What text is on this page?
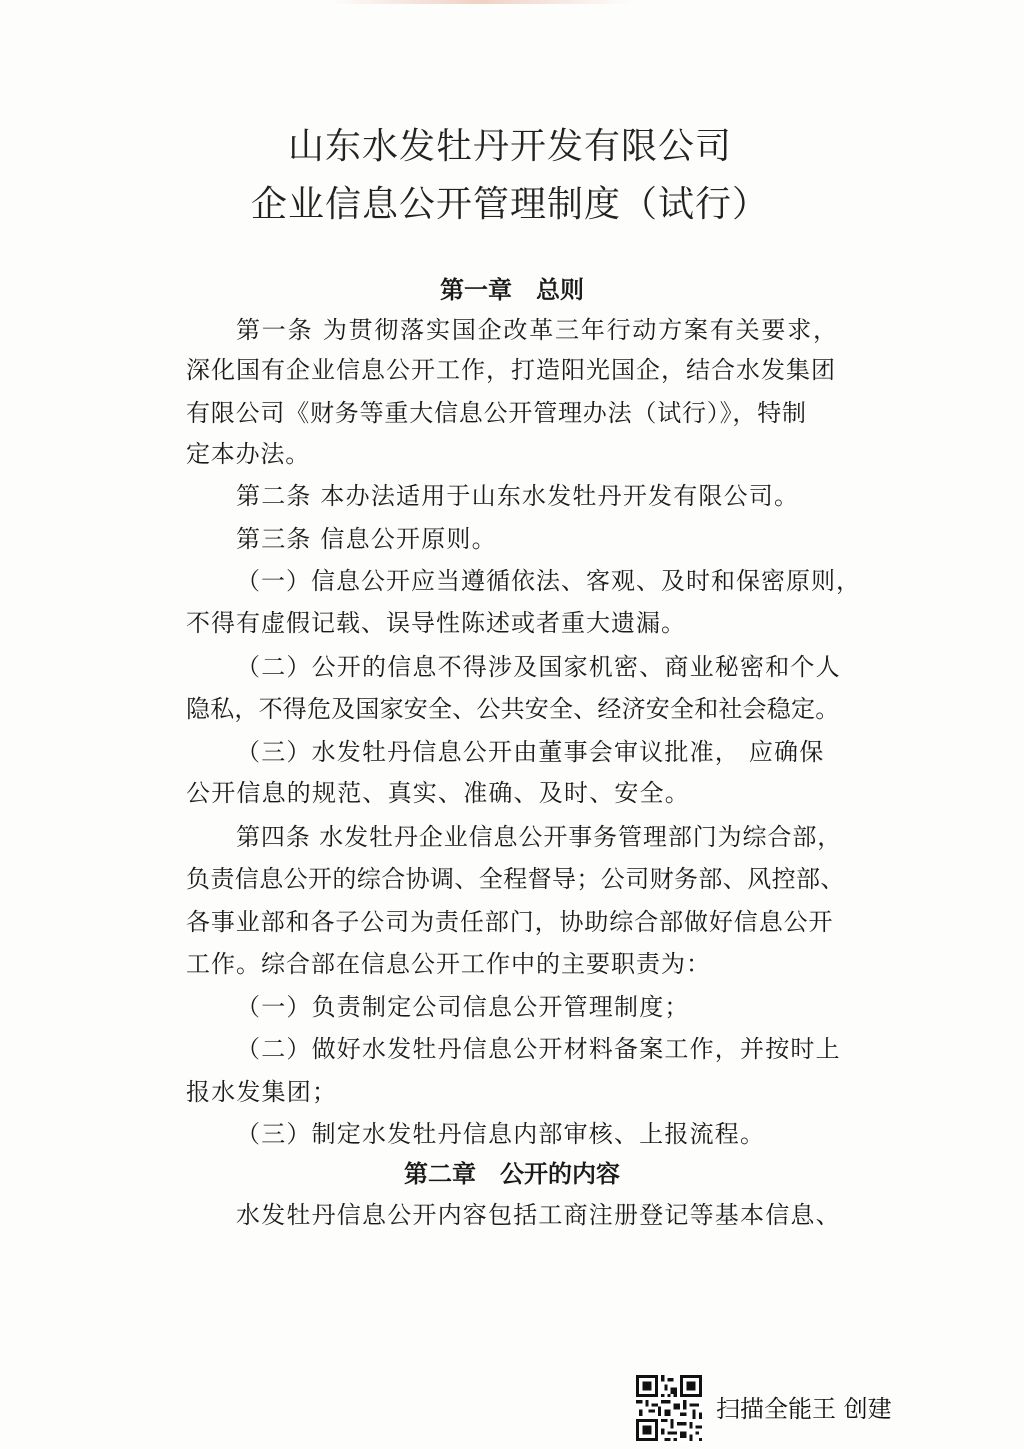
山东水发牡丹开发有限公司
企业信息公开管理制度（试行）
第一章　总则

第一条 为贯彻落实国企改革三年行动方案有关要求，

深化国有企业信息公开工作，打造阳光国企，结合水发集团

有限公司《财务等重大信息公开管理办法（试行）》，特制

定本办法。

第二条 本办法适用于山东水发牡丹开发有限公司。

第三条 信息公开原则。

（一）信息公开应当遵循依法、客观、及时和保密原则，

不得有虚假记载、误导性陈述或者重大遗漏。

（二）公开的信息不得涉及国家机密、商业秘密和个人

隐私，不得危及国家安全、公共安全、经济安全和社会稳定。

（三）水发牡丹信息公开由董事会审议批准， 应确保

公开信息的规范、真实、准确、及时、安全。

第四条 水发牡丹企业信息公开事务管理部门为综合部，

负责信息公开的综合协调、全程督导；公司财务部、风控部、

各事业部和各子公司为责任部门，协助综合部做好信息公开

工作。综合部在信息公开工作中的主要职责为：

（一）负责制定公司信息公开管理制度；

（二）做好水发牡丹信息公开材料备案工作，并按时上

报水发集团；

（三）制定水发牡丹信息内部审核、上报流程。

第二章　公开的内容

水发牡丹信息公开内容包括工商注册登记等基本信息、

扫描全能王 创建
